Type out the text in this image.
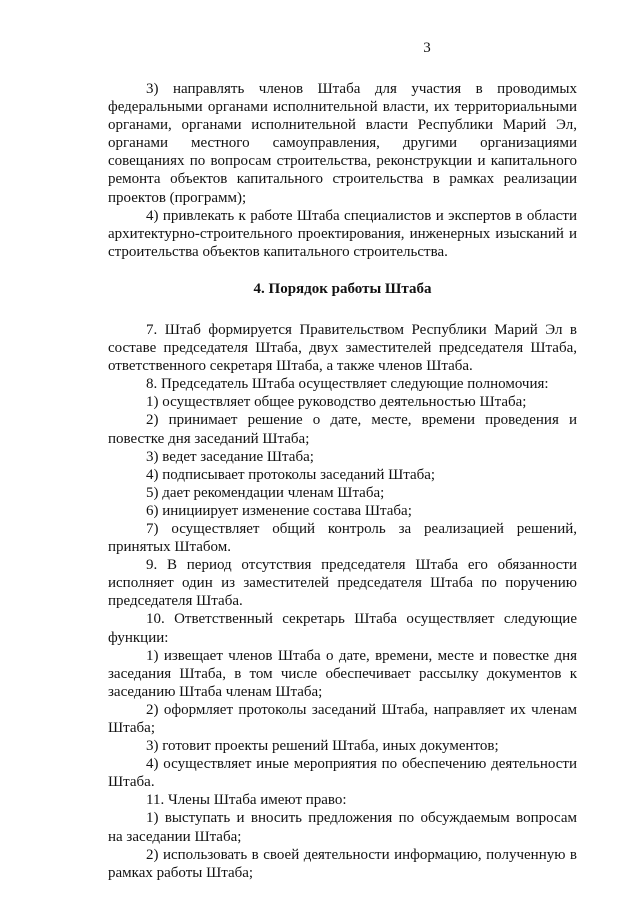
3

3) направлять членов Штаба для участия в проводимых федеральными органами исполнительной власти, их территориальными органами, органами исполнительной власти Республики Марий Эл, органами местного самоуправления, другими организациями совещаниях по вопросам строительства, реконструкции и капитального ремонта объектов капитального строительства в рамках реализации проектов (программ);

4) привлекать к работе Штаба специалистов и экспертов в области архитектурно-строительного проектирования, инженерных изысканий и строительства объектов капитального строительства.

4. Порядок работы Штаба

7. Штаб формируется Правительством Республики Марий Эл в составе председателя Штаба, двух заместителей председателя Штаба, ответственного секретаря Штаба, а также членов Штаба.

8. Председатель Штаба осуществляет следующие полномочия:

1) осуществляет общее руководство деятельностью Штаба;

2) принимает решение о дате, месте, времени проведения и повестке дня заседаний Штаба;

3) ведет заседание Штаба;

4) подписывает протоколы заседаний Штаба;

5) дает рекомендации членам Штаба;

6) инициирует изменение состава Штаба;

7) осуществляет общий контроль за реализацией решений, принятых Штабом.

9. В период отсутствия председателя Штаба его обязанности исполняет один из заместителей председателя Штаба по поручению председателя Штаба.

10. Ответственный секретарь Штаба осуществляет следующие функции:

1) извещает членов Штаба о дате, времени, месте и повестке дня заседания Штаба, в том числе обеспечивает рассылку документов к заседанию Штаба членам Штаба;

2) оформляет протоколы заседаний Штаба, направляет их членам Штаба;

3) готовит проекты решений Штаба, иных документов;

4) осуществляет иные мероприятия по обеспечению деятельности Штаба.

11. Члены Штаба имеют право:

1) выступать и вносить предложения по обсуждаемым вопросам на заседании Штаба;

2) использовать в своей деятельности информацию, полученную в рамках работы Штаба;
